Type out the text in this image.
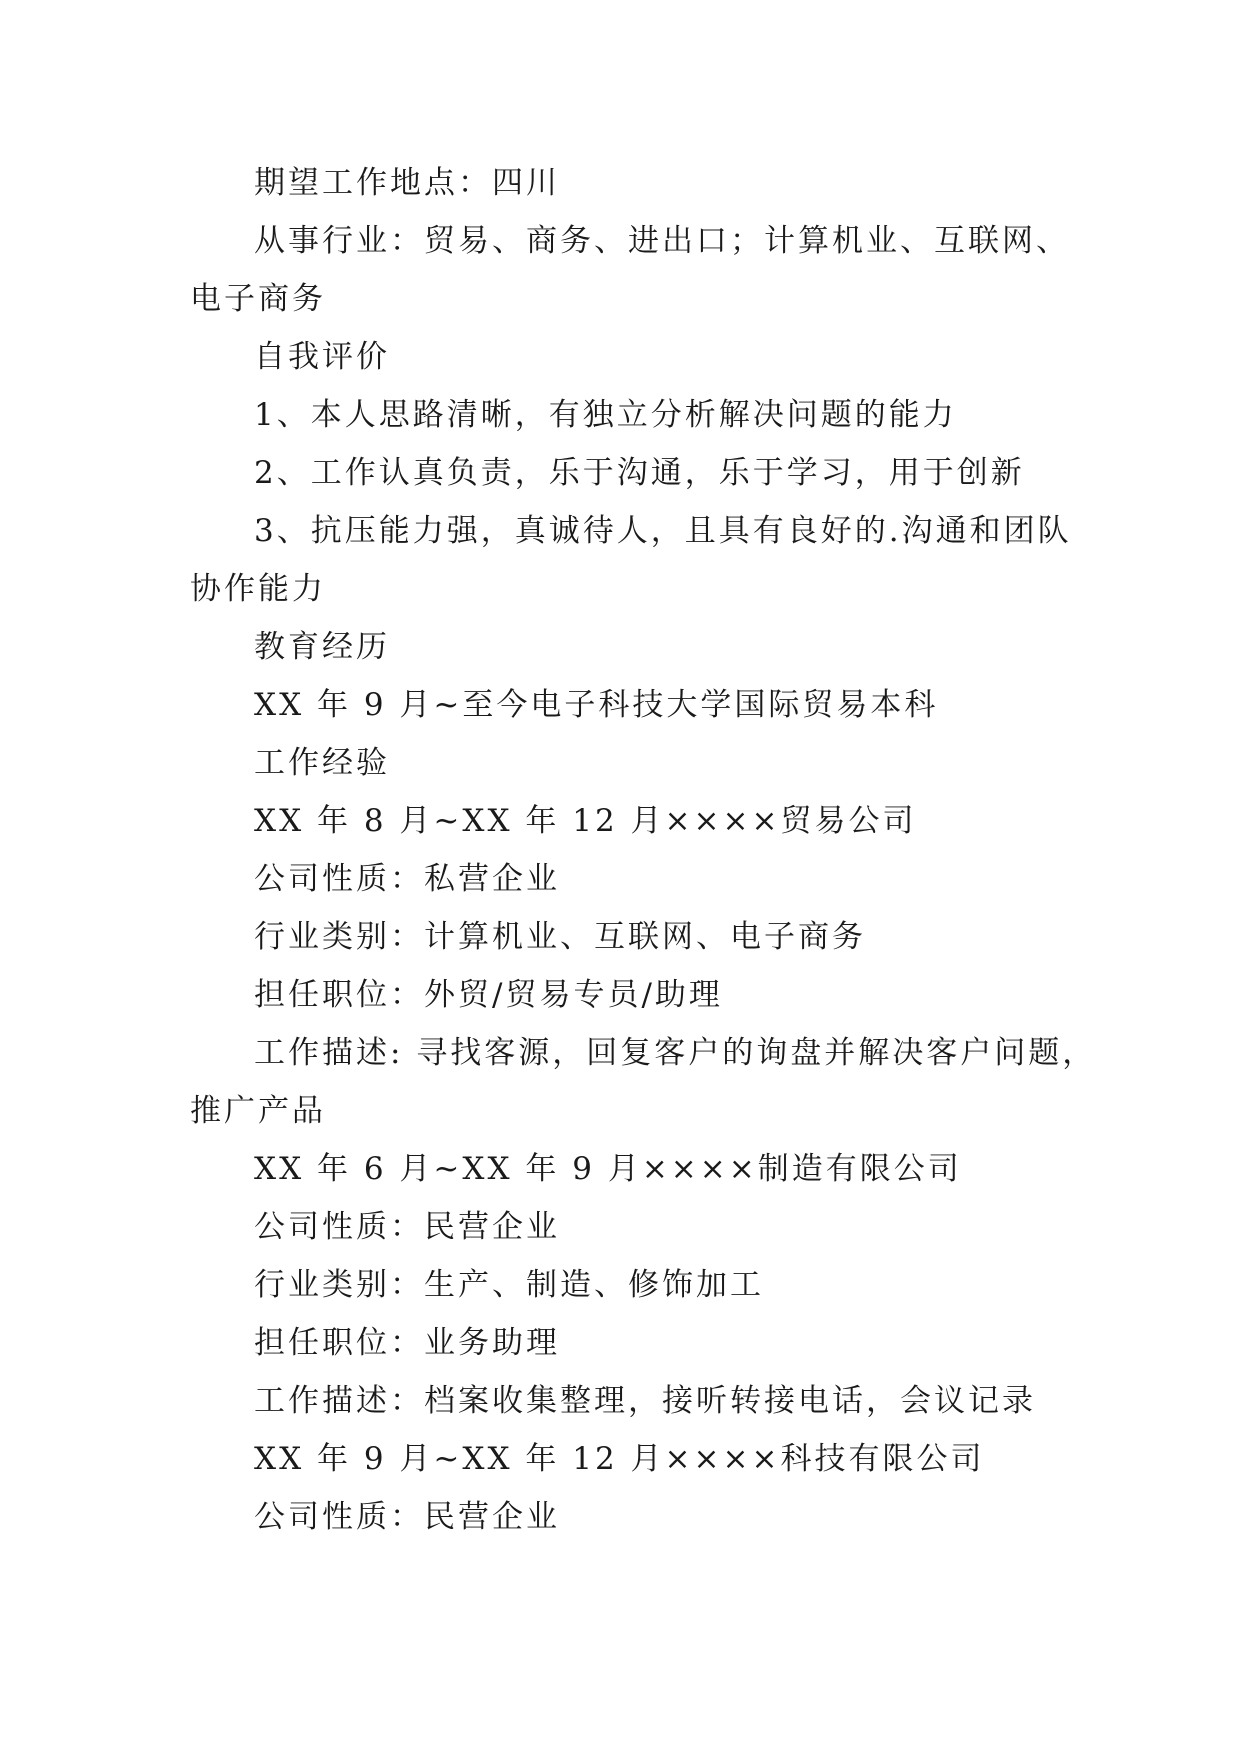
期望工作地点：四川
从事行业：贸易、商务、进出口；计算机业、互联网、
电子商务
自我评价
1、本人思路清晰，有独立分析解决问题的能力
2、工作认真负责，乐于沟通，乐于学习，用于创新
3、抗压能力强，真诚待人，且具有良好的.沟通和团队
协作能力
教育经历
XX 年 9 月~至今电子科技大学国际贸易本科
工作经验
XX 年 8 月~XX 年 12 月××××贸易公司
公司性质：私营企业
行业类别：计算机业、互联网、电子商务
担任职位：外贸/贸易专员/助理
工作描述: 寻找客源，回复客户的询盘并解决客户问题，
推广产品
XX 年 6 月~XX 年 9 月××××制造有限公司
公司性质：民营企业
行业类别：生产、制造、修饰加工
担任职位：业务助理
工作描述：档案收集整理，接听转接电话，会议记录
XX 年 9 月~XX 年 12 月××××科技有限公司
公司性质：民营企业
